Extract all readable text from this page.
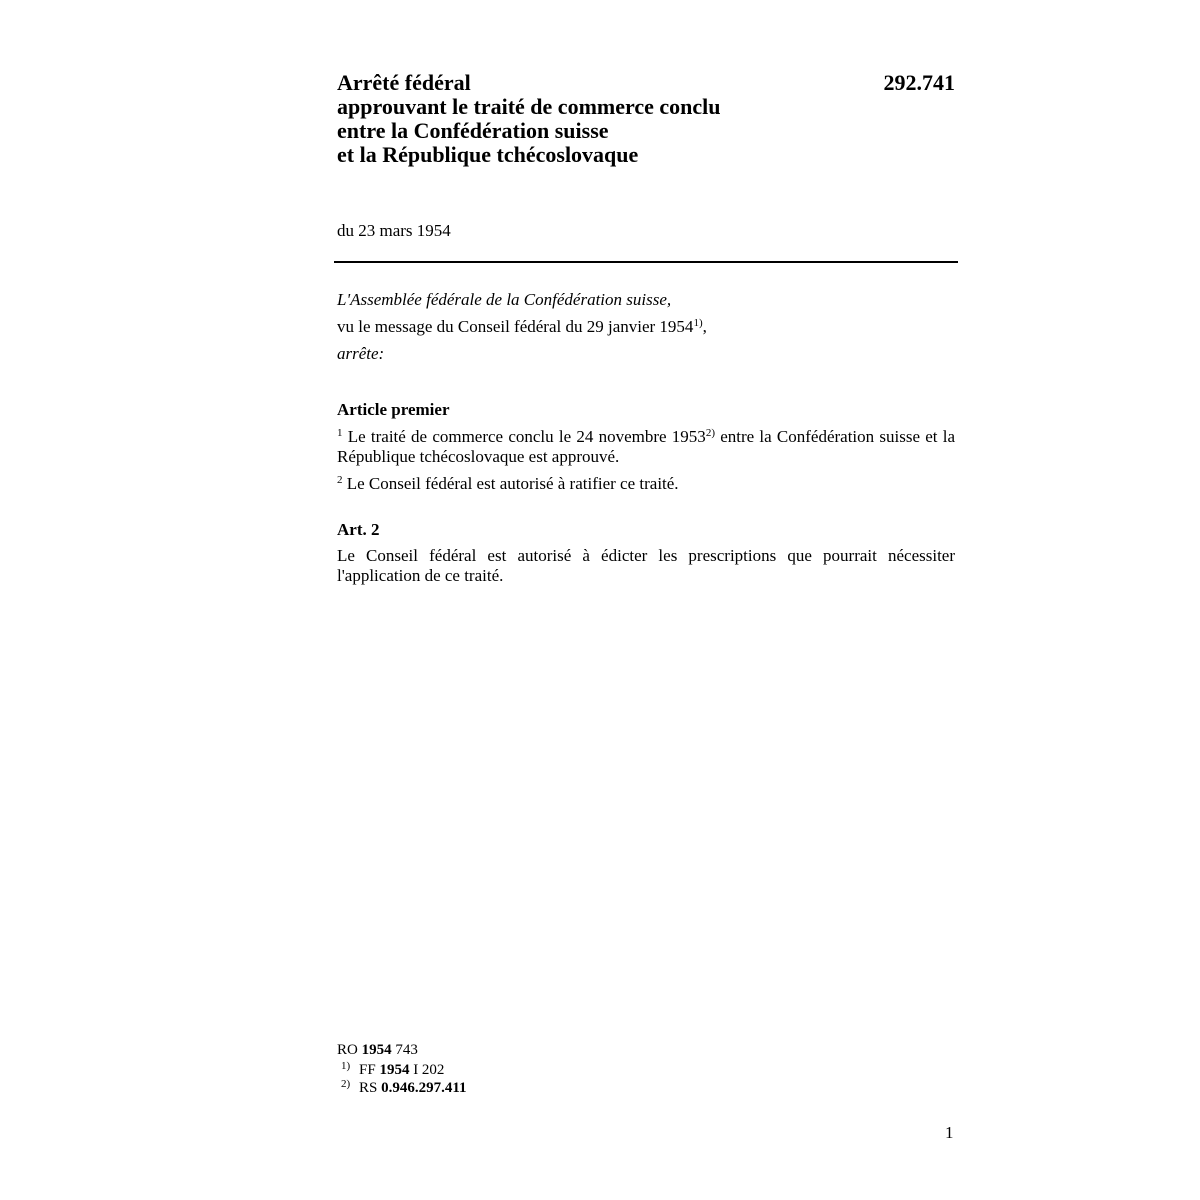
Arrêté fédéral
approuvant le traité de commerce conclu
entre la Confédération suisse
et la République tchécoslovaque
292.741
du 23 mars 1954
L'Assemblée fédérale de la Confédération suisse,
vu le message du Conseil fédéral du 29 janvier 1954$^{1)}$,
arrête:
Article premier
$^1$ Le traité de commerce conclu le 24 novembre 1953$^{2)}$ entre la Confédération suisse et la République tchécoslovaque est approuvé.
$^2$ Le Conseil fédéral est autorisé à ratifier ce traité.
Art. 2
Le Conseil fédéral est autorisé à édicter les prescriptions que pourrait nécessiter l'application de ce traité.
RO 1954 743
1) FF 1954 I 202
2) RS 0.946.297.411
1
